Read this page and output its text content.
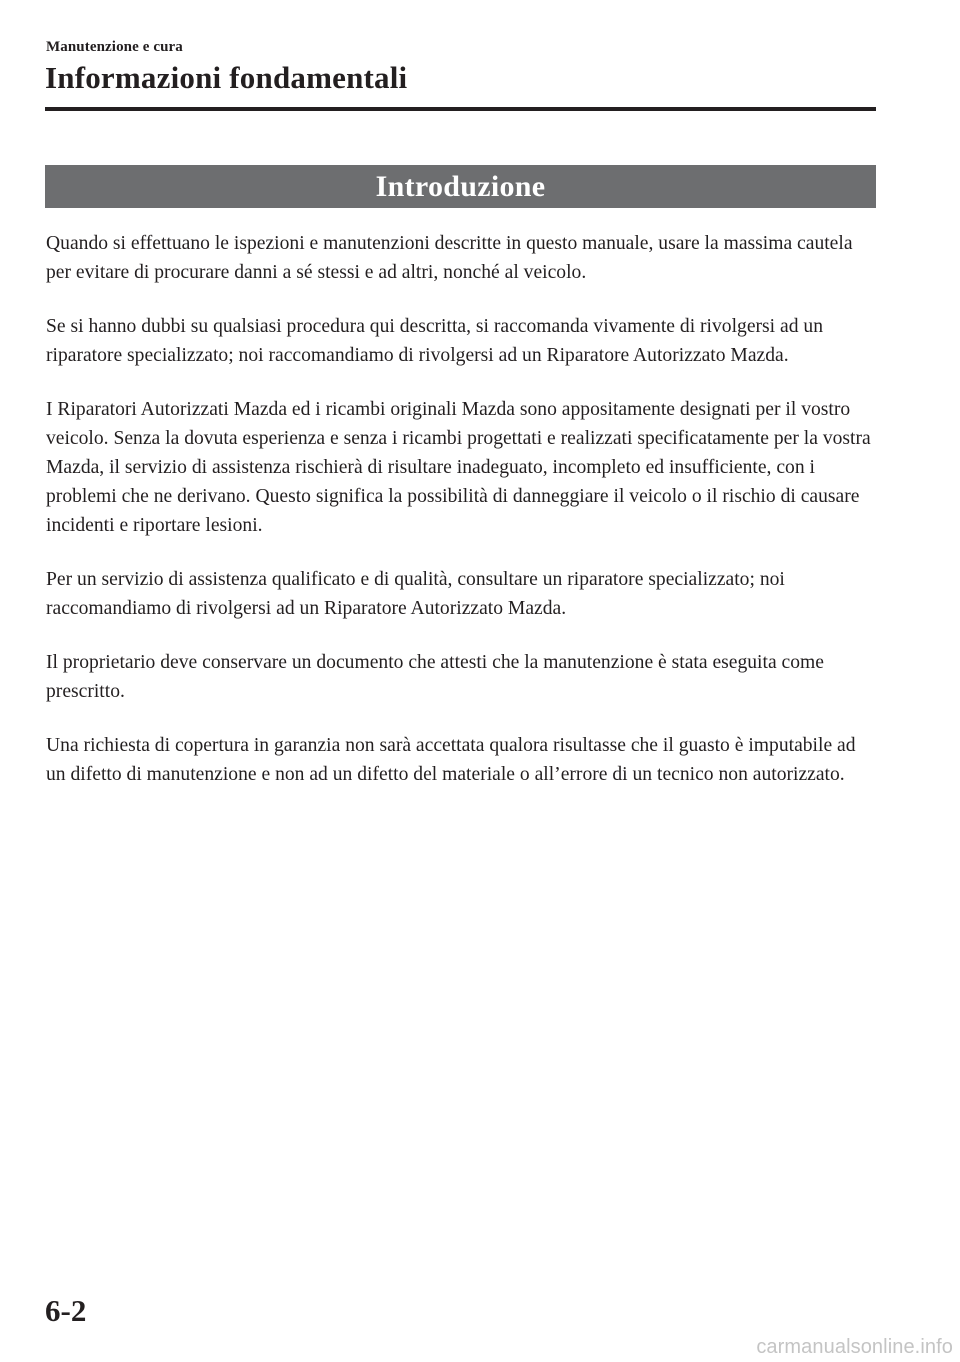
Manutenzione e cura
Informazioni fondamentali
Introduzione

Quando si effettuano le ispezioni e manutenzioni descritte in questo manuale, usare la massima cautela per evitare di procurare danni a sé stessi e ad altri, nonché al veicolo.

Se si hanno dubbi su qualsiasi procedura qui descritta, si raccomanda vivamente di rivolgersi ad un riparatore specializzato; noi raccomandiamo di rivolgersi ad un Riparatore Autorizzato Mazda.

I Riparatori Autorizzati Mazda ed i ricambi originali Mazda sono appositamente designati per il vostro veicolo. Senza la dovuta esperienza e senza i ricambi progettati e realizzati specificatamente per la vostra Mazda, il servizio di assistenza rischierà di risultare inadeguato, incompleto ed insufficiente, con i problemi che ne derivano. Questo significa la possibilità di danneggiare il veicolo o il rischio di causare incidenti e riportare lesioni.

Per un servizio di assistenza qualificato e di qualità, consultare un riparatore specializzato; noi raccomandiamo di rivolgersi ad un Riparatore Autorizzato Mazda.

Il proprietario deve conservare un documento che attesti che la manutenzione è stata eseguita come prescritto.

Una richiesta di copertura in garanzia non sarà accettata qualora risultasse che il guasto è imputabile ad un difetto di manutenzione e non ad un difetto del materiale o all’errore di un tecnico non autorizzato.

6-2
carmanualsonline.info
